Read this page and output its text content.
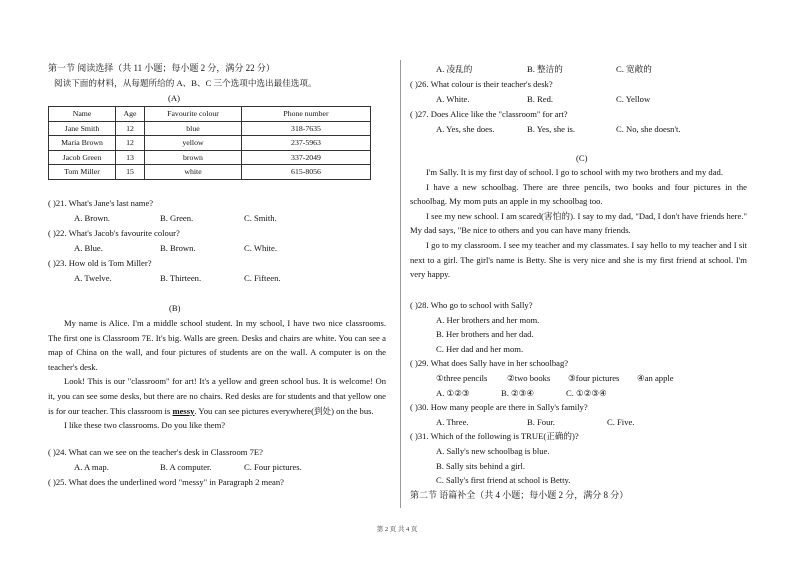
第一节 阅读选择（共 11 小题；每小题 2 分，满分 22 分）
阅读下面的材料，从每题所给的 A、B、C 三个选项中选出最佳选项。
(A)
Name	Age	Favourite colour	Phone number
Jane Smith	12	blue	318-7635
Maria Brown	12	yellow	237-5963
Jacob Green	13	brown	337-2049
Tom Miller	15	white	615-8056
( )21. What's Jane's last name?
A. Brown.	B. Green.	C. Smith.
( )22. What's Jacob's favourite colour?
A. Blue.	B. Brown.	C. White.
( )23. How old is Tom Miller?
A. Twelve.	B. Thirteen.	C. Fifteen.
(B)

My name is Alice. I'm a middle school student. In my school, I have two nice classrooms. The first one is Classroom 7E. It's big. Walls are green. Desks and chairs are white. You can see a map of China on the wall, and four pictures of students are on the wall. A computer is on the teacher's desk.

Look! This is our "classroom" for art! It's a yellow and green school bus. It is welcome! On it, you can see some desks, but there are no chairs. Red desks are for students and that yellow one is for our teacher. This classroom is messy. You can see pictures everywhere(到处) on the bus.

I like these two classrooms. Do you like them?

( )24. What can we see on the teacher's desk in Classroom 7E?
A. A map.	B. A computer.	C. Four pictures.
( )25. What does the underlined word "messy" in Paragraph 2 mean?
A. 凌乱的	B. 整洁的	C. 宽敞的
( )26. What colour is their teacher's desk?
A. White.	B. Red.	C. Yellow
( )27. Does Alice like the "classroom" for art?
A. Yes, she does.	B. Yes, she is.	C. No, she doesn't.
(C)

I'm Sally. It is my first day of school. I go to school with my two brothers and my dad.

I have a new schoolbag. There are three pencils, two books and four pictures in the schoolbag. My mom puts an apple in my schoolbag too.

I see my new school. I am scared(害怕的). I say to my dad, "Dad, I don't have friends here." My dad says, "Be nice to others and you can have many friends.

I go to my classroom. I see my teacher and my classmates. I say hello to my teacher and I sit next to a girl. The girl's name is Betty. She is very nice and she is my first friend at school. I'm very happy.

( )28. Who go to school with Sally?
A. Her brothers and her mom.
B. Her brothers and her dad.
C. Her dad and her mom.
( )29. What does Sally have in her schoolbag?
①three pencils ②two books ③four pictures ④an apple
A. ①②③	B. ②③④	C. ①②③④
( )30. How many people are there in Sally's family?
A. Three.	B. Four.	C. Five.
( )31. Which of the following is TRUE(正确的)?
A. Sally's new schoolbag is blue.
B. Sally sits behind a girl.
C. Sally's first friend at school is Betty.
第二节 语篇补全（共 4 小题；每小题 2 分，满分 8 分）
第 2 页 共 4 页
